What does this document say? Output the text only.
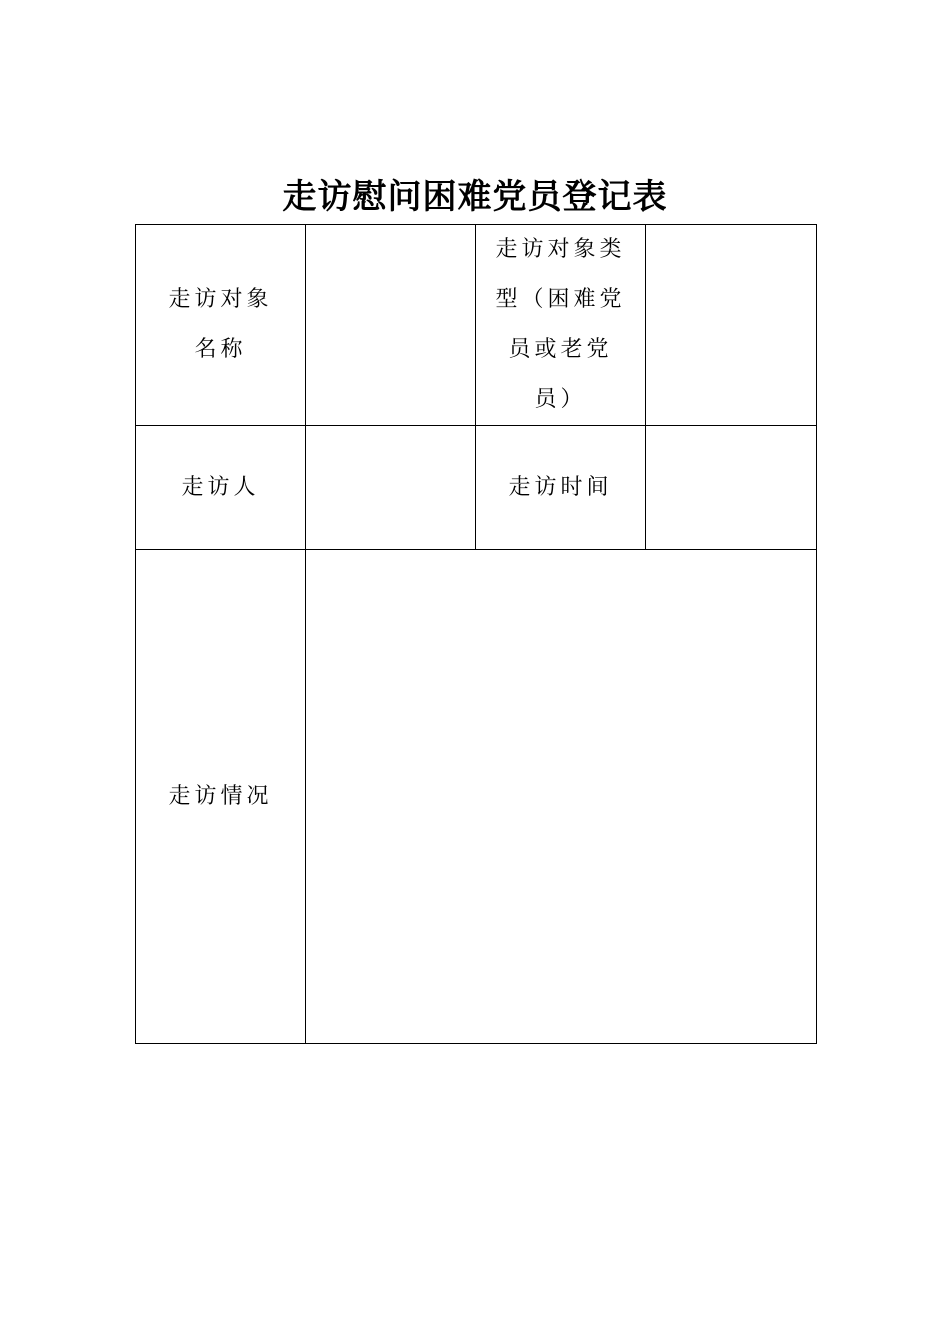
走访慰问困难党员登记表
走访对象名称		走访对象类型（困难党员或老党员）	
走访人		走访时间	
走访情况			
